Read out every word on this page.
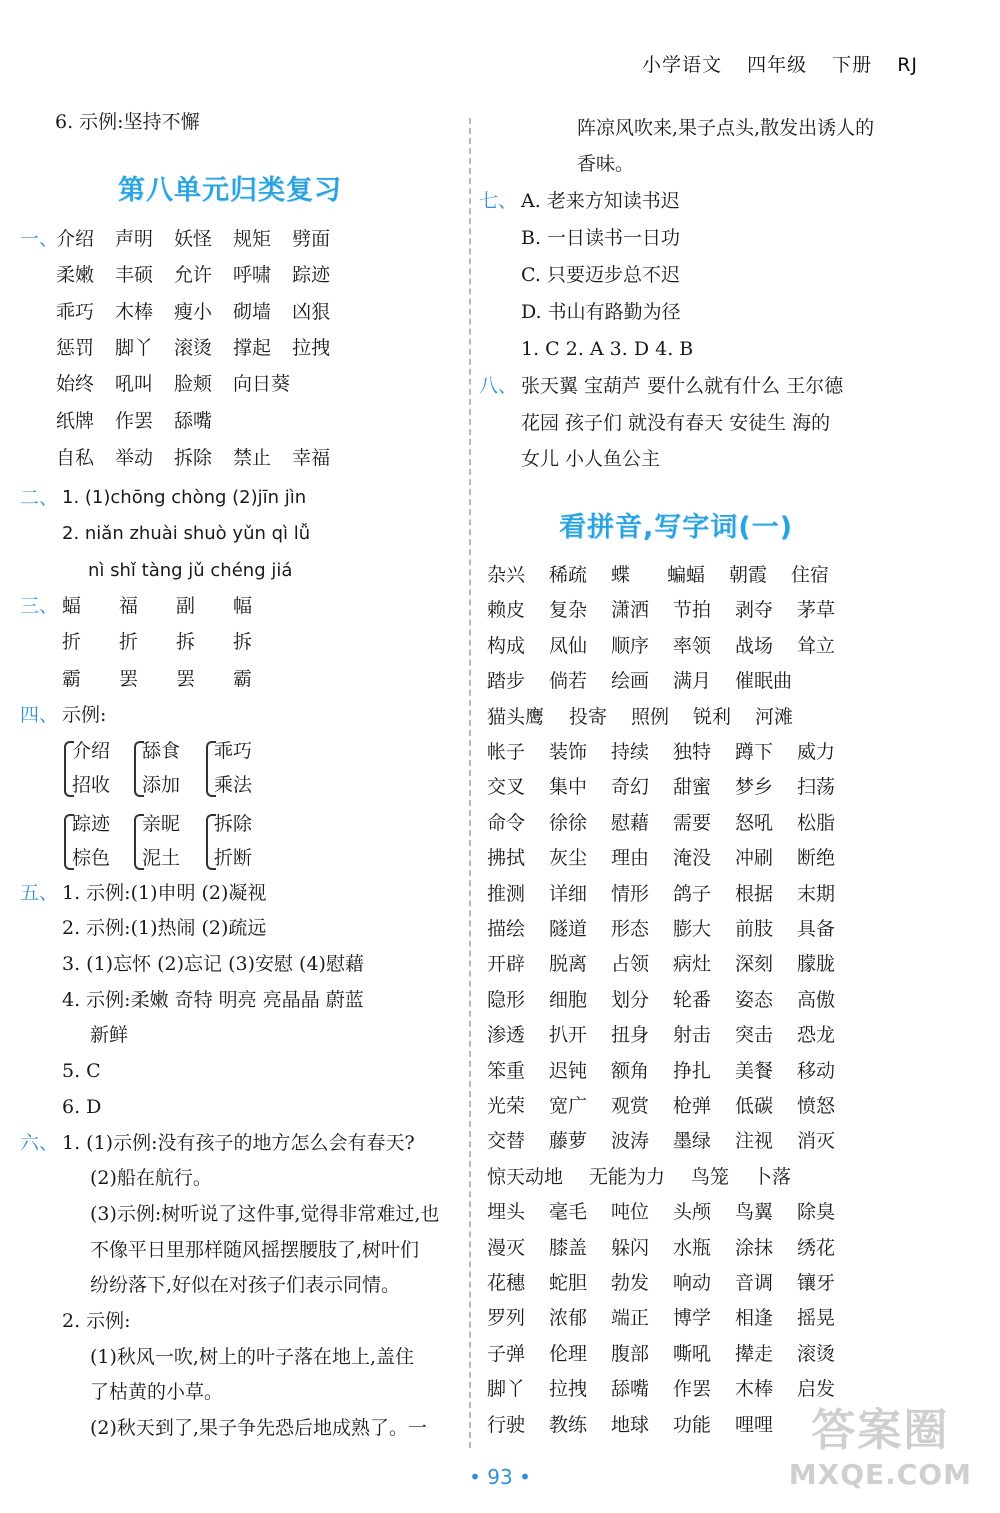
小学语文 四年级 下册 RJ
6. 示例:坚持不懈
第八单元归类复习
一、
介绍 声明 妖怪 规矩 劈面
柔嫩 丰硕 允许 呼啸 踪迹
乖巧 木棒 瘦小 砌墙 凶狠
惩罚 脚丫 滚烫 撑起 拉拽
始终 吼叫 脸颊 向日葵
纸牌 作罢 舔嘴
自私 举动 拆除 禁止 幸福
二、 1. (1)chōng chòng (2)jīn jìn
2. niǎn zhuài shuò yǔn qì lǚ
nì shǐ tàng jǔ chéng jiá
三、 蝠 福 副 幅
折 折 拆 拆
霸 罢 罢 霸
四、 示例:
介绍
招收
舔食
添加
乖巧
乘法
踪迹
棕色
亲昵
泥土
拆除
折断
五、 1. 示例:(1)申明 (2)凝视
2. 示例:(1)热闹 (2)疏远
3. (1)忘怀 (2)忘记 (3)安慰 (4)慰藉
4. 示例:柔嫩 奇特 明亮 亮晶晶 蔚蓝
新鲜
5. C
6. D
六、 1. (1)示例:没有孩子的地方怎么会有春天?
(2)船在航行。
(3)示例:树听说了这件事,觉得非常难过,也
不像平日里那样随风摇摆腰肢了,树叶们
纷纷落下,好似在对孩子们表示同情。
2. 示例:
(1)秋风一吹,树上的叶子落在地上,盖住
了枯黄的小草。
(2)秋天到了,果子争先恐后地成熟了。一
阵凉风吹来,果子点头,散发出诱人的
香味。
七、 A. 老来方知读书迟
B. 一日读书一日功
C. 只要迈步总不迟
D. 书山有路勤为径
1. C 2. A 3. D 4. B
八、 张天翼 宝葫芦 要什么就有什么 王尔德
花园 孩子们 就没有春天 安徒生 海的
女儿 小人鱼公主
看拼音,写字词(一)
杂兴 稀疏 蝶 蝙蝠 朝霞 住宿
赖皮 复杂 潇洒 节拍 剥夺 茅草
构成 凤仙 顺序 率领 战场 耸立
踏步 倘若 绘画 满月 催眠曲
猫头鹰 投寄 照例 锐利 河滩
帐子 装饰 持续 独特 蹲下 威力
交叉 集中 奇幻 甜蜜 梦乡 扫荡
命令 徐徐 慰藉 需要 怒吼 松脂
拂拭 灰尘 理由 淹没 冲刷 断绝
推测 详细 情形 鸽子 根据 末期
描绘 隧道 形态 膨大 前肢 具备
开辟 脱离 占领 病灶 深刻 朦胧
隐形 细胞 划分 轮番 姿态 高傲
渗透 扒开 扭身 射击 突击 恐龙
笨重 迟钝 额角 挣扎 美餐 移动
光荣 宽广 观赏 枪弹 低碳 愤怒
交替 藤萝 波涛 墨绿 注视 消灭
惊天动地 无能为力 鸟笼 卜落
埋头 毫毛 吨位 头颅 鸟翼 除臭
漫灭 膝盖 躲闪 水瓶 涂抹 绣花
花穗 蛇胆 勃发 响动 音调 镶牙
罗列 浓郁 端正 博学 相逢 摇晃
子弹 伦理 腹部 嘶吼 撵走 滚烫
脚丫 拉拽 舔嘴 作罢 木棒 启发
行驶 教练 地球 功能 哩哩
• 93 •
答案圈
MXQE.COM
